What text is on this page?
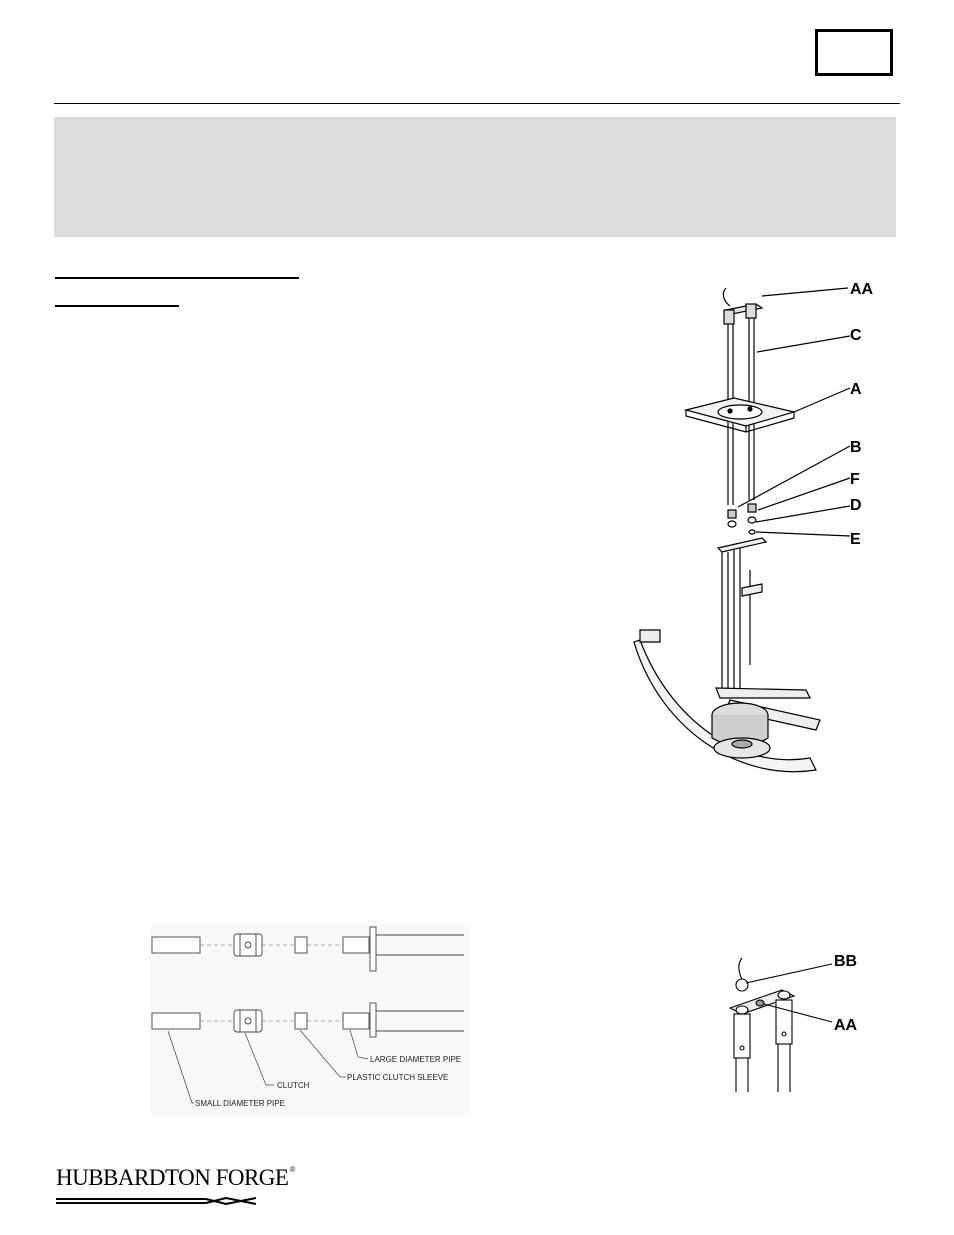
AA
C
A
B
F
D
E
LARGE DIAMETER PIPE
PLASTIC CLUTCH SLEEVE
CLUTCH
SMALL DIAMETER PIPE
BB
AA
HUBBARDTON FORGE®
